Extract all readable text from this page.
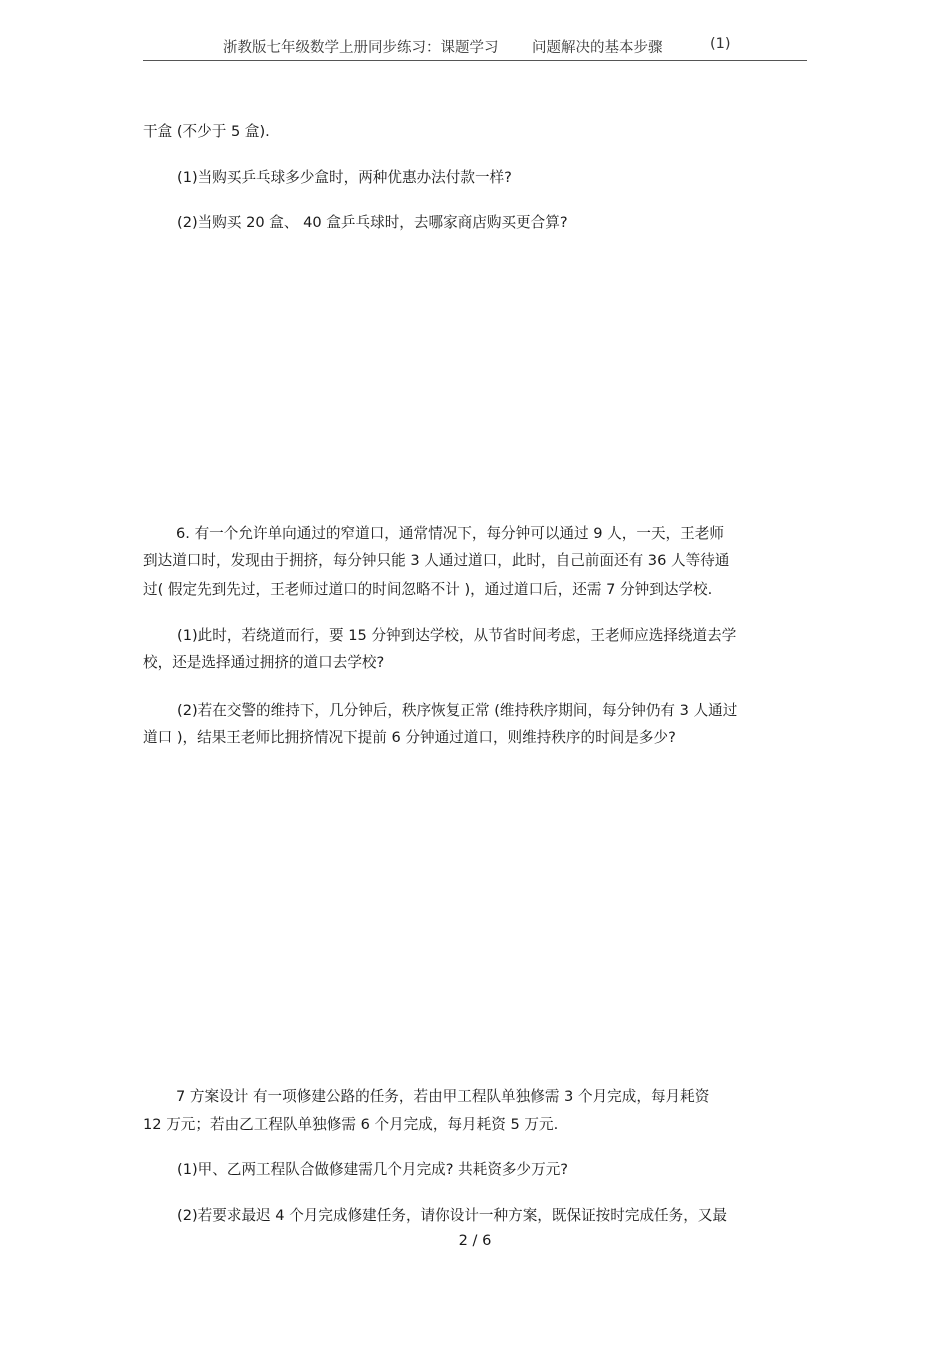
浙教版七年级数学上册同步练习：课题学习 问题解决的基本步骤	(1)
干盒 (不少于 5 盒).
(1)当购买乒乓球多少盒时，两种优惠办法付款一样?
(2)当购买 20 盒、 40 盒乒乓球时，去哪家商店购买更合算?
6. 有一个允许单向通过的窄道口，通常情况下，每分钟可以通过 9 人，一天，王老师
到达道口时，发现由于拥挤，每分钟只能 3 人通过道口，此时，自己前面还有 36 人等待通
过( 假定先到先过，王老师过道口的时间忽略不计 )，通过道口后，还需 7 分钟到达学校.
(1)此时，若绕道而行，要 15 分钟到达学校，从节省时间考虑，王老师应选择绕道去学
校，还是选择通过拥挤的道口去学校?
(2)若在交警的维持下，几分钟后，秩序恢复正常 (维持秩序期间，每分钟仍有 3 人通过
道口 )，结果王老师比拥挤情况下提前 6 分钟通过道口，则维持秩序的时间是多少?
7 方案设计 有一项修建公路的任务，若由甲工程队单独修需 3 个月完成，每月耗资
12 万元；若由乙工程队单独修需 6 个月完成，每月耗资 5 万元.
(1)甲、乙两工程队合做修建需几个月完成? 共耗资多少万元?
(2)若要求最迟 4 个月完成修建任务，请你设计一种方案，既保证按时完成任务，又最
2 / 6
